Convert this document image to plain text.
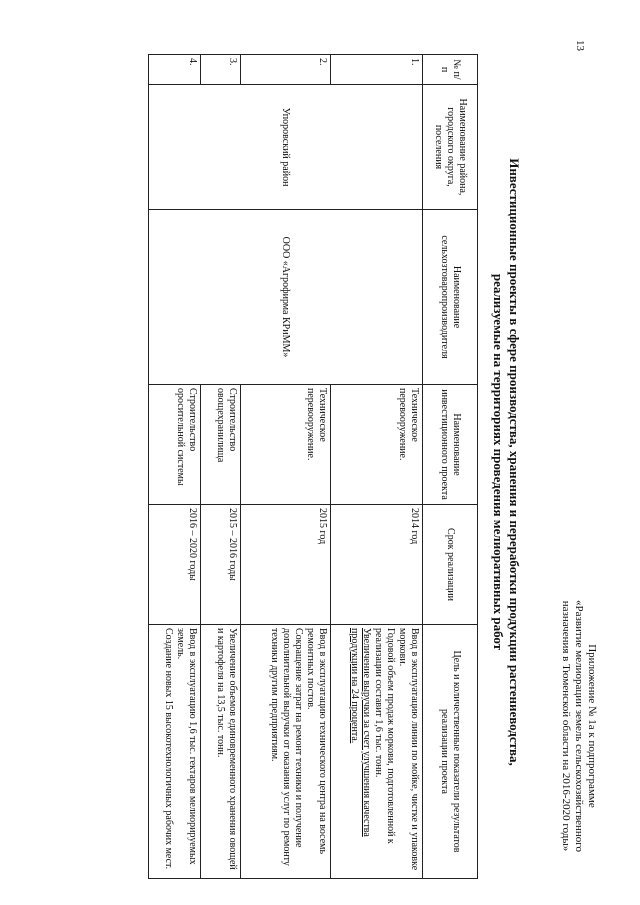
13
Приложение № 1а к подпрограмме
«Развитие мелиорации земель сельскохозяйственного
назначения в Тюменской области на 2016-2020 годы»
Инвестиционные проекты в сфере производства, хранения и переработки продукции растениеводства,
реализуемые на территориях проведения мелиоративных работ
№ п/п	Наименование района, городского округа, поселения	Наименование сельхозтоваропроизводителя	Наименование инвестиционного проекта	Срок реализации	Цель и количественные показатели результатов реализации проекта
1.	Упоровский район	ООО «Агрофирма КРиММ»	Техническое перевооружение.	2014 год	Ввод в эксплуатацию линии по мойке, чистке и упаковке моркови.
Годовой объем продаж моркови, подготовленной к реализации составит 1,6 тыс. тонн.
Увеличение выручки за счет улучшения качества продукции на 24 процента.

2.			Техническое перевооружение.	2015 год	Ввод в эксплуатацию технического центра на восемь ремонтных постов.
Сокращение затрат на ремонт техники и получение дополнительной выручки от оказания услуг по ремонту техники другим предприятиям.

3.			Строительство овощехранилища	2015 – 2016 годы	Увеличение объемов единовременного хранения овощей и картофеля на 13,5 тыс. тонн.

4.			Строительство оросительной системы	2016 – 2020 годы	Ввод в эксплуатацию 1,6 тыс. гектаров мелиорируемых земель.
Создание новых 15 высокотехнологичных рабочих мест.
